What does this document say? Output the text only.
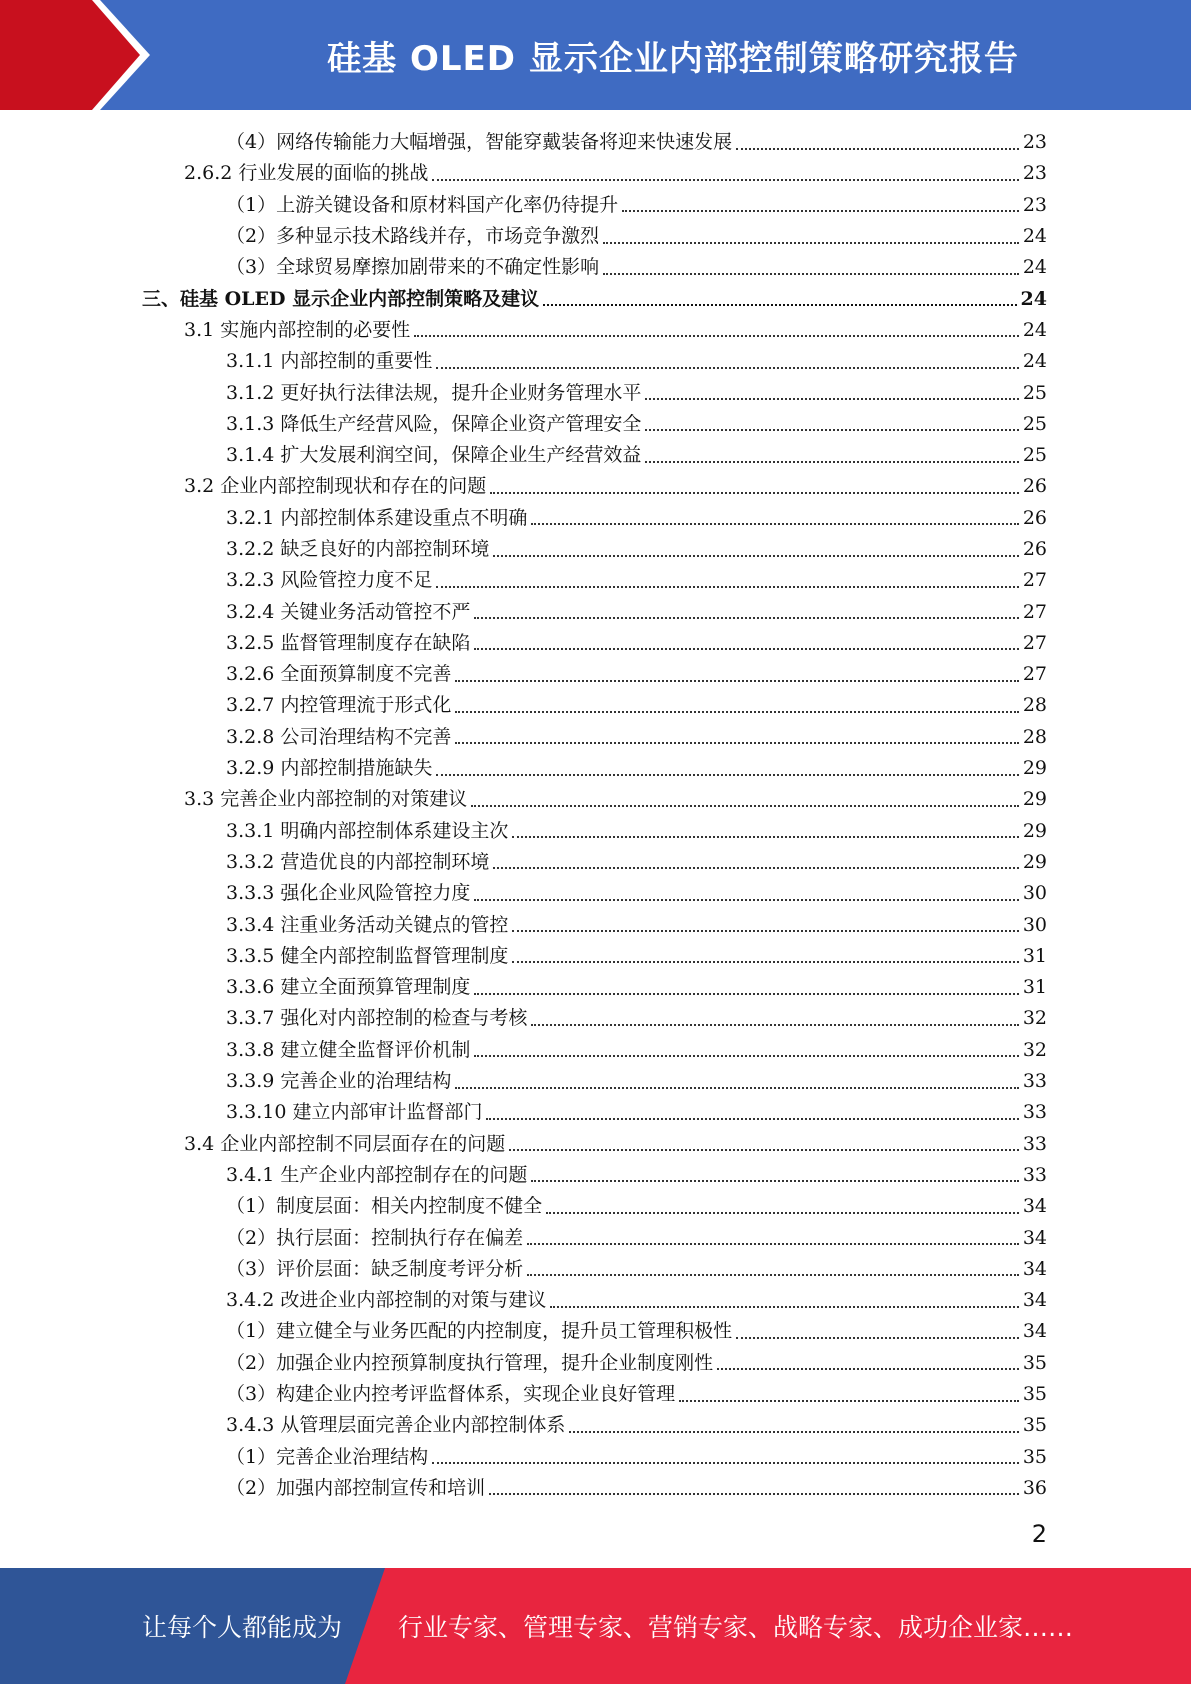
硅基 OLED 显示企业内部控制策略研究报告
（4）网络传输能力大幅增强，智能穿戴装备将迎来快速发展	23
2.6.2 行业发展的面临的挑战	23
（1）上游关键设备和原材料国产化率仍待提升	23
（2）多种显示技术路线并存，市场竞争激烈	24
（3）全球贸易摩擦加剧带来的不确定性影响	24
三、硅基 OLED 显示企业内部控制策略及建议	24
3.1 实施内部控制的必要性	24
3.1.1 内部控制的重要性	24
3.1.2 更好执行法律法规，提升企业财务管理水平	25
3.1.3 降低生产经营风险，保障企业资产管理安全	25
3.1.4 扩大发展利润空间，保障企业生产经营效益	25
3.2 企业内部控制现状和存在的问题	26
3.2.1 内部控制体系建设重点不明确	26
3.2.2 缺乏良好的内部控制环境	26
3.2.3 风险管控力度不足	27
3.2.4 关键业务活动管控不严	27
3.2.5 监督管理制度存在缺陷	27
3.2.6 全面预算制度不完善	27
3.2.7 内控管理流于形式化	28
3.2.8 公司治理结构不完善	28
3.2.9 内部控制措施缺失	29
3.3 完善企业内部控制的对策建议	29
3.3.1 明确内部控制体系建设主次	29
3.3.2 营造优良的内部控制环境	29
3.3.3 强化企业风险管控力度	30
3.3.4 注重业务活动关键点的管控	30
3.3.5 健全内部控制监督管理制度	31
3.3.6 建立全面预算管理制度	31
3.3.7 强化对内部控制的检查与考核	32
3.3.8 建立健全监督评价机制	32
3.3.9 完善企业的治理结构	33
3.3.10 建立内部审计监督部门	33
3.4 企业内部控制不同层面存在的问题	33
3.4.1 生产企业内部控制存在的问题	33
（1）制度层面：相关内控制度不健全	34
（2）执行层面：控制执行存在偏差	34
（3）评价层面：缺乏制度考评分析	34
3.4.2 改进企业内部控制的对策与建议	34
（1）建立健全与业务匹配的内控制度，提升员工管理积极性	34
（2）加强企业内控预算制度执行管理，提升企业制度刚性	35
（3）构建企业内控考评监督体系，实现企业良好管理	35
3.4.3 从管理层面完善企业内部控制体系	35
（1）完善企业治理结构	35
（2）加强内部控制宣传和培训	36
2
让每个人都能成为 行业专家、管理专家、营销专家、战略专家、成功企业家……
